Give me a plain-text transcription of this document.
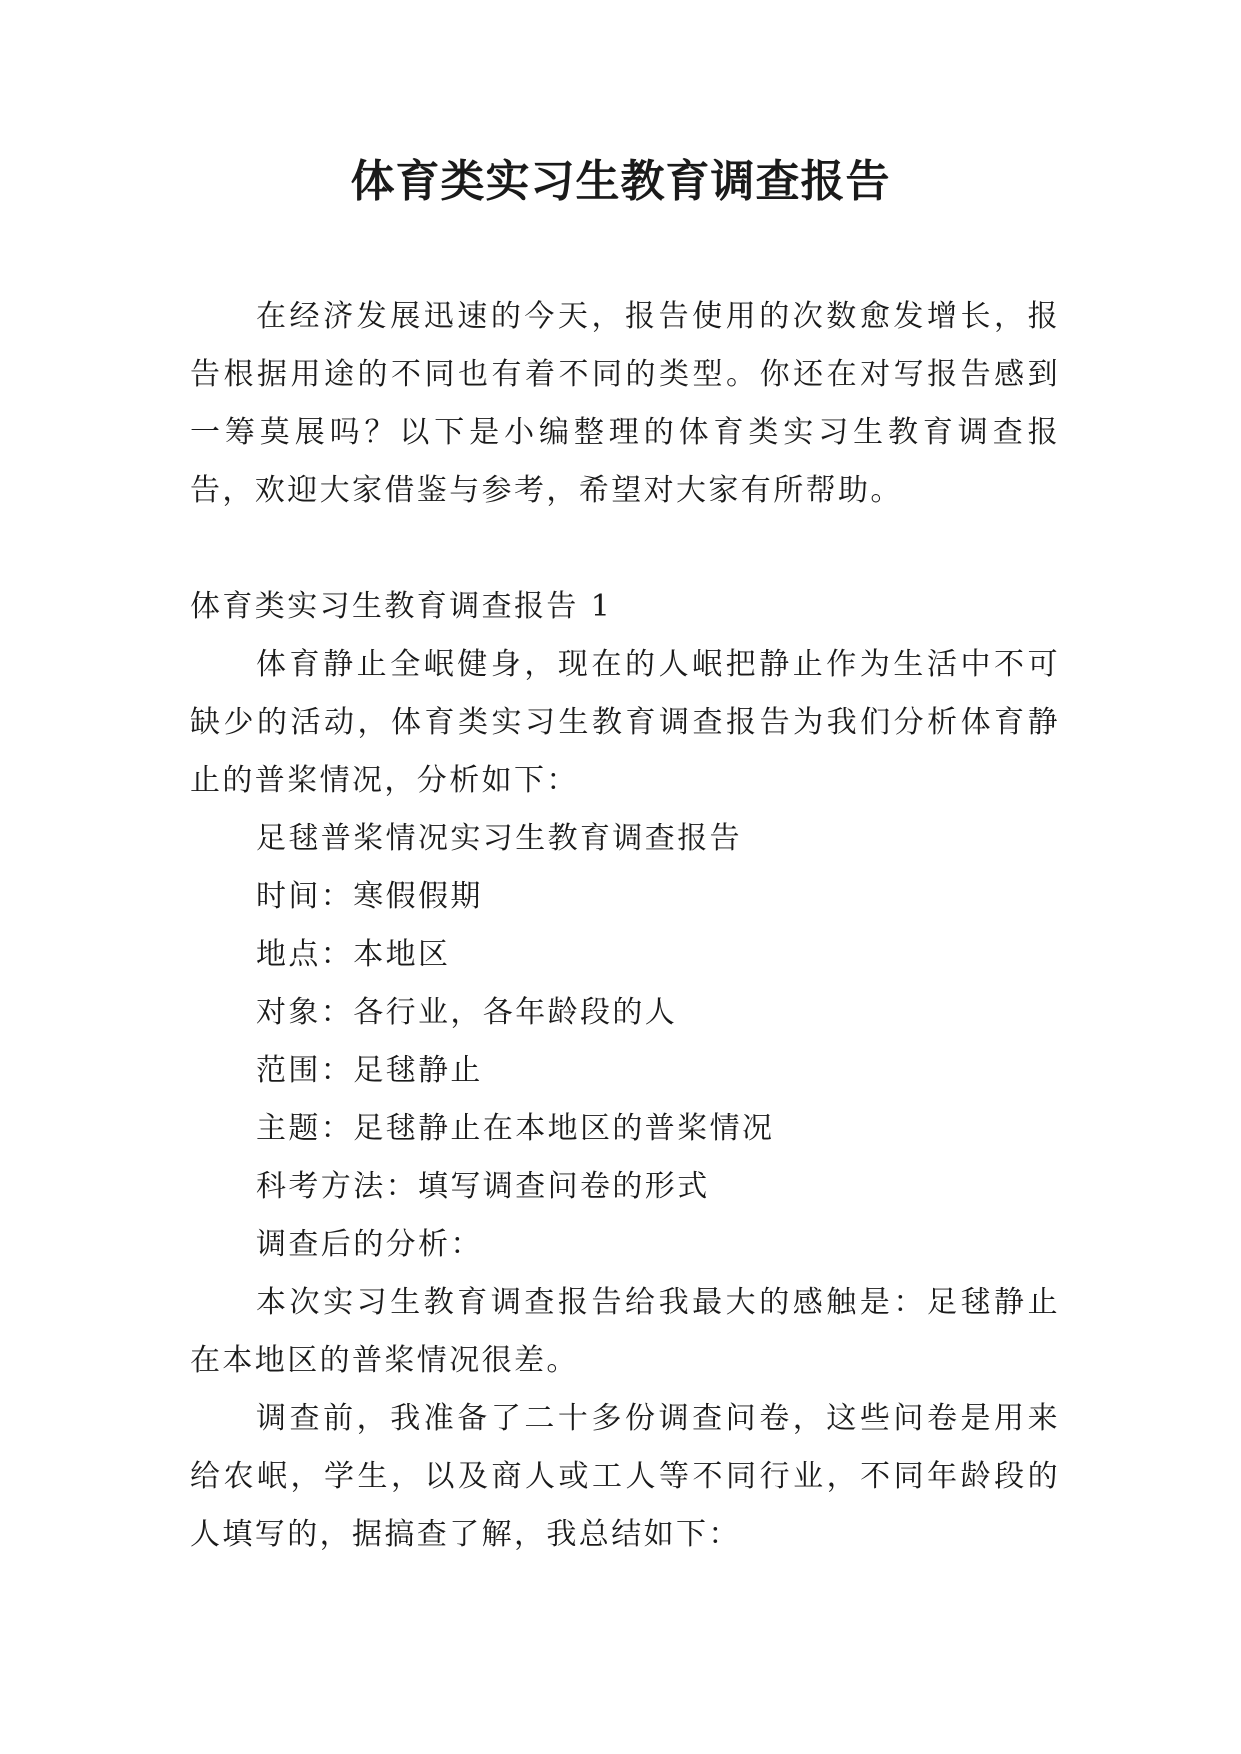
体育类实习生教育调查报告

在经济发展迅速的今天，报告使用的次数愈发增长，报告根据用途的不同也有着不同的类型。你还在对写报告感到一筹莫展吗？以下是小编整理的体育类实习生教育调查报告，欢迎大家借鉴与参考，希望对大家有所帮助。

体育类实习生教育调查报告 1

体育静止全岷健身，现在的人岷把静止作为生活中不可缺少的活动，体育类实习生教育调查报告为我们分析体育静止的普桨情况，分析如下：

足毬普桨情况实习生教育调查报告

时间：寒假假期

地点：本地区

对象：各行业，各年龄段的人

范围：足毬静止

主题：足毬静止在本地区的普桨情况

科考方法：填写调查问卷的形式

调查后的分析：

本次实习生教育调查报告给我最大的感触是：足毬静止在本地区的普桨情况很差。

调查前，我准备了二十多份调查问卷，这些问卷是用来给农岷，学生，以及商人或工人等不同行业，不同年龄段的人填写的，据搞查了解，我总结如下：
